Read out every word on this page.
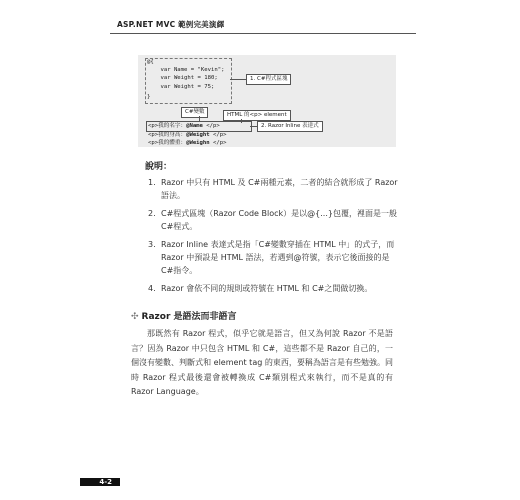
ASP.NET MVC 範例完美演繹
@{
var Name = "Kevin";
var Weight = 180;
var Weight = 75;
}
1. C#程式區塊
C#變數	HTML 的<p> element
2. Razor Inline 表達式
<p>我的名字：@Name </p>
<p>我的身高：@Weight </p>
<p>我的體重：@Weighn </p>
說明：
1. Razor 中只有 HTML 及 C#兩種元素，二者的結合就形成了 Razor 語法。
2. C#程式區塊（Razor Code Block）是以@{...}包覆，裡面是一般 C#程式。
3. Razor Inline 表達式是指「C#變數穿插在 HTML 中」的式子，而 Razor 中預設是 HTML 語法，若遇到@符號，表示它後面接的是 C#指令。
4. Razor 會依不同的規則或符號在 HTML 和 C#之間做切換。
✣ Razor 是語法而非語言

那既然有 Razor 程式，似乎它就是語言，但又為何說 Razor 不是語言？因為 Razor 中只包含 HTML 和 C#，這些都不是 Razor 自己的，一個沒有變數、判斷式和 element tag 的東西，要稱為語言是有些勉強。同時 Razor 程式最後還會被轉換成 C#類別程式來執行，而不是真的有 Razor Language。

4-2
